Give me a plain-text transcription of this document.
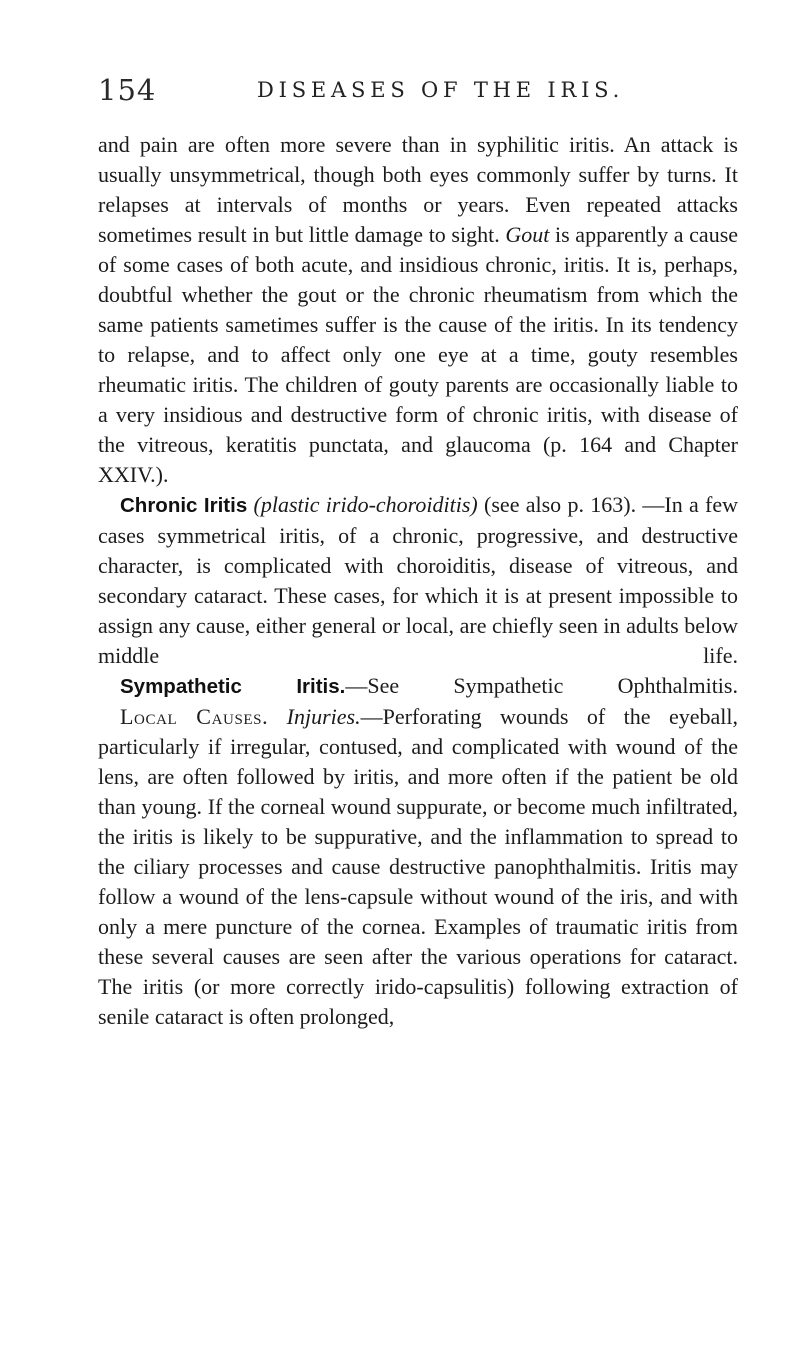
154	DISEASES OF THE IRIS.

and pain are often more severe than in syphilitic iritis. An attack is usually unsymmetrical, though both eyes commonly suffer by turns. It relapses at intervals of months or years. Even repeated attacks sometimes result in but little damage to sight. Gout is apparently a cause of some cases of both acute, and insidious chronic, iritis. It is, perhaps, doubtful whether the gout or the chronic rheumatism from which the same patients sametimes suffer is the cause of the iritis. In its tendency to relapse, and to affect only one eye at a time, gouty resembles rheumatic iritis. The children of gouty parents are occasionally liable to a very insidious and destructive form of chronic iritis, with disease of the vitreous, keratitis punctata, and glaucoma (p. 164 and Chapter XXIV.).

Chronic Iritis (plastic irido-choroiditis) (see also p. 163). —In a few cases symmetrical iritis, of a chronic, progressive, and destructive character, is complicated with choroiditis, disease of vitreous, and secondary cataract. These cases, for which it is at present impossible to assign any cause, either general or local, are chiefly seen in adults below middle life.

Sympathetic Iritis.—See Sympathetic Ophthalmitis.

Local Causes. Injuries.—Perforating wounds of the eyeball, particularly if irregular, contused, and complicated with wound of the lens, are often followed by iritis, and more often if the patient be old than young. If the corneal wound suppurate, or become much infiltrated, the iritis is likely to be suppurative, and the inflammation to spread to the ciliary processes and cause destructive panophthalmitis. Iritis may follow a wound of the lens-capsule without wound of the iris, and with only a mere puncture of the cornea. Examples of traumatic iritis from these several causes are seen after the various operations for cataract. The iritis (or more correctly irido-capsulitis) following extraction of senile cataract is often prolonged,
